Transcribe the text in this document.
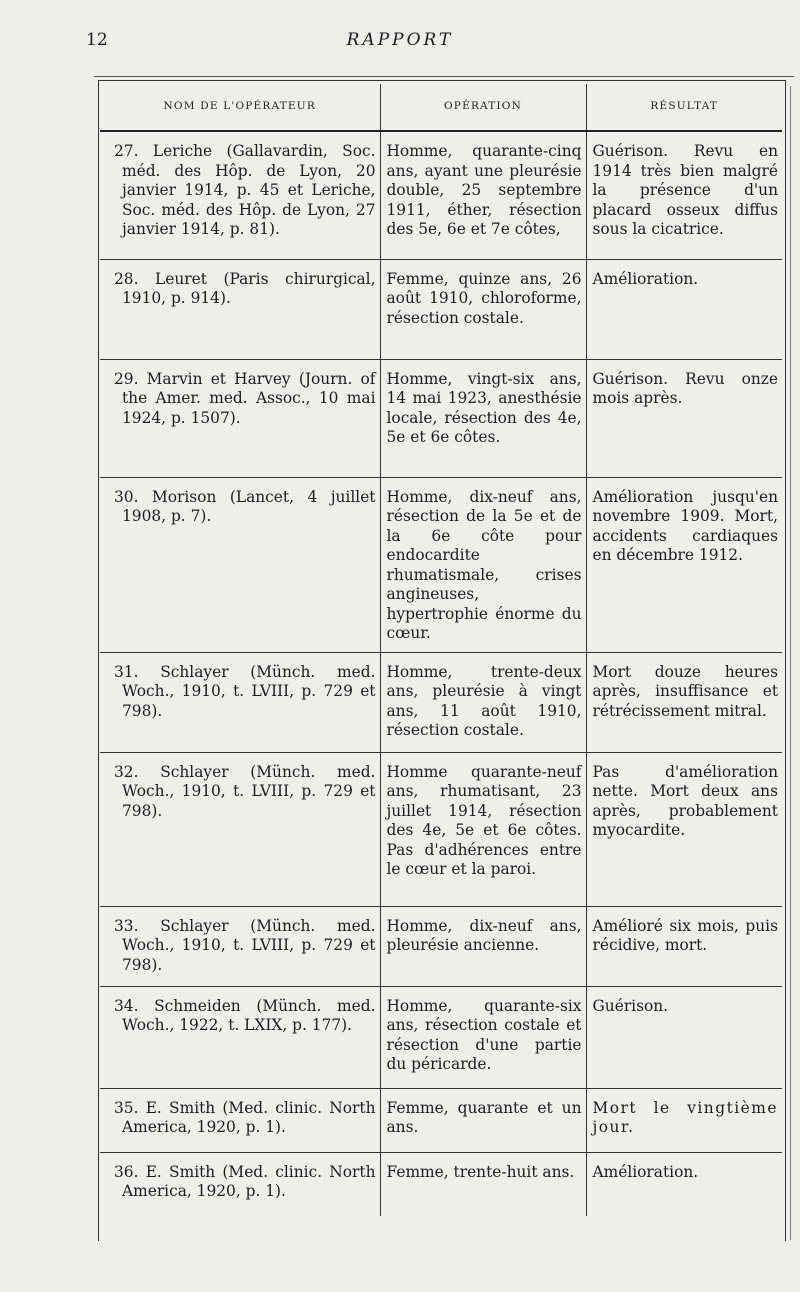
12	RAPPORT
NOM DE L'OPÉRATEUR	OPÉRATION	RÉSULTAT
27. Leriche (Gallavardin, Soc. méd. des Hôp. de Lyon, 20 janvier 1914, p. 45 et Leriche, Soc. méd. des Hôp. de Lyon, 27 janvier 1914, p. 81).	Homme, quarante-cinq ans, ayant une pleurésie double, 25 septembre 1911, éther, résection des 5e, 6e et 7e côtes,	Guérison. Revu en 1914 très bien malgré la présence d'un placard osseux diffus sous la cicatrice.
28. Leuret (Paris chirurgical, 1910, p. 914).	Femme, quinze ans, 26 août 1910, chloroforme, résection costale.	Amélioration.
29. Marvin et Harvey (Journ. of the Amer. med. Assoc., 10 mai 1924, p. 1507).	Homme, vingt-six ans, 14 mai 1923, anesthésie locale, résection des 4e, 5e et 6e côtes.	Guérison. Revu onze mois après.
30. Morison (Lancet, 4 juillet 1908, p. 7).	Homme, dix-neuf ans, résection de la 5e et de la 6e côte pour endocardite rhumatismale, crises angineuses, hypertrophie énorme du cœur.	Amélioration jusqu'en novembre 1909. Mort, accidents cardiaques en décembre 1912.
31. Schlayer (Münch. med. Woch., 1910, t. LVIII, p. 729 et 798).	Homme, trente-deux ans, pleurésie à vingt ans, 11 août 1910, résection costale.	Mort douze heures après, insuffisance et rétrécissement mitral.
32. Schlayer (Münch. med. Woch., 1910, t. LVIII, p. 729 et 798).	Homme quarante-neuf ans, rhumatisant, 23 juillet 1914, résection des 4e, 5e et 6e côtes. Pas d'adhérences entre le cœur et la paroi.	Pas d'amélioration nette. Mort deux ans après, probablement myocardite.
33. Schlayer (Münch. med. Woch., 1910, t. LVIII, p. 729 et 798).	Homme, dix-neuf ans, pleurésie ancienne.	Amélioré six mois, puis récidive, mort.
34. Schmeiden (Münch. med. Woch., 1922, t. LXIX, p. 177).	Homme, quarante-six ans, résection costale et résection d'une partie du péricarde.	Guérison.
35. E. Smith (Med. clinic. North America, 1920, p. 1).	Femme, quarante et un ans.	Mort le vingtième jour.
36. E. Smith (Med. clinic. North America, 1920, p. 1).	Femme, trente-huit ans.	Amélioration.
